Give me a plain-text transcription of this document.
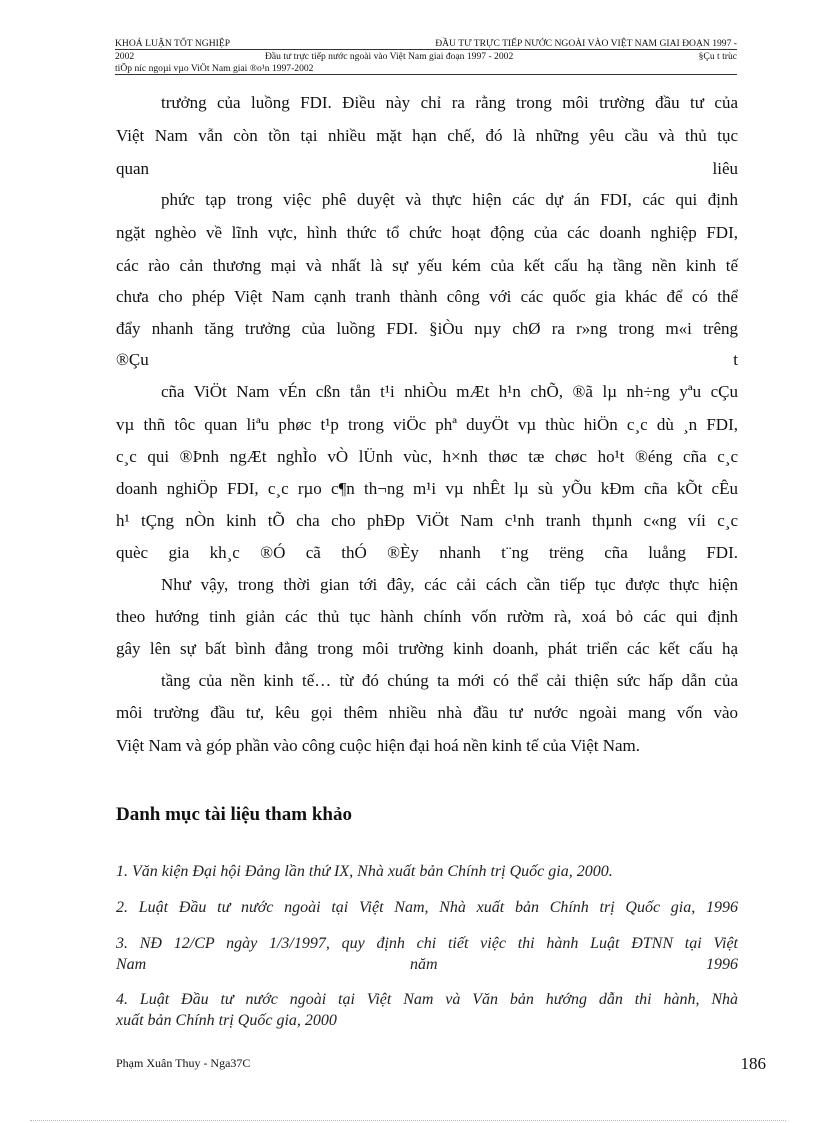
KHOÁ LUẬN TỐT NGHIỆP	ĐẦU TƯ TRỰC TIẾP NƯỚC NGOÀI VÀO VIỆT NAM GIAI ĐOẠN 1997 -
2002	Đầu tư trực tiếp nước ngoài vào Việt Nam giai đoạn 1997 - 2002	§Çu t trùc
tiÕp níc ngoµi vµo ViÖt Nam giai ®o¹n 1997-2002
trưởng của luồng FDI. Điều này chỉ ra rằng trong môi trường đầu tư của
Việt Nam vẫn còn tồn tại nhiều mặt hạn chế, đó là những yêu cầu và thủ tục
quan	liêu
phức tạp trong việc phê duyệt và thực hiện các dự án FDI, các qui định
ngặt nghèo về lĩnh vực, hình thức tổ chức hoạt động của các doanh nghiệp FDI,
các rào cản thương mại và nhất là sự yếu kém của kết cấu hạ tầng nền kinh tế
chưa cho phép Việt Nam cạnh tranh thành công với các quốc gia khác để có thể
đẩy nhanh tăng trưởng của luồng FDI. §iÒu nµy chØ ra r»ng trong m«i trêng
®Çu	t
cña ViÖt Nam vÉn cßn tån t¹i nhiÒu mÆt h¹n chÕ, ®ã lµ nh÷ng yªu cÇu
vµ thñ tôc quan liªu phøc t¹p trong viÖc phª duyÖt vµ thùc hiÖn c¸c dù ¸n FDI,
c¸c qui ®Þnh ngÆt nghÌo vÒ lÜnh vùc, h×nh thøc tæ chøc ho¹t ®éng cña c¸c
doanh nghiÖp FDI, c¸c rµo c¶n th¬ng m¹i vµ nhÊt lµ sù yÕu kÐm cña kÕt cÊu
h¹ tÇng nÒn kinh tÕ cha cho phÐp ViÖt Nam c¹nh tranh thµnh c«ng víi c¸c
quèc gia kh¸c ®Ó cã thÓ ®Èy nhanh t¨ng trëng cña luång FDI.
Như vậy, trong thời gian tới đây, các cải cách cần tiếp tục được thực hiện
theo hướng tinh giản các thủ tục hành chính vốn rườm rà, xoá bỏ các qui định
gây lên sự bất bình đẳng trong môi trường kinh doanh, phát triển các kết cấu hạ
tầng của nền kinh tế… từ đó chúng ta mới có thể cải thiện sức hấp dẫn của
môi trường đầu tư, kêu gọi thêm nhiều nhà đầu tư nước ngoài mang vốn vào
Việt Nam và góp phần vào công cuộc hiện đại hoá nền kinh tế của Việt Nam.
Danh mục tài liệu tham khảo
1. Văn kiện Đại hội Đảng lần thứ IX, Nhà xuất bản Chính trị Quốc gia, 2000.
2. Luật Đầu tư nước ngoài tại Việt Nam, Nhà xuất bản Chính trị Quốc gia, 1996
3. NĐ 12/CP ngày 1/3/1997, quy định chi tiết việc thi hành Luật ĐTNN tại Việt
Nam	năm	1996
4. Luật Đầu tư nước ngoài tại Việt Nam và Văn bản hướng dẫn thi hành, Nhà
xuất bản Chính trị Quốc gia, 2000
Phạm Xuân Thuy - Nga37C	186
